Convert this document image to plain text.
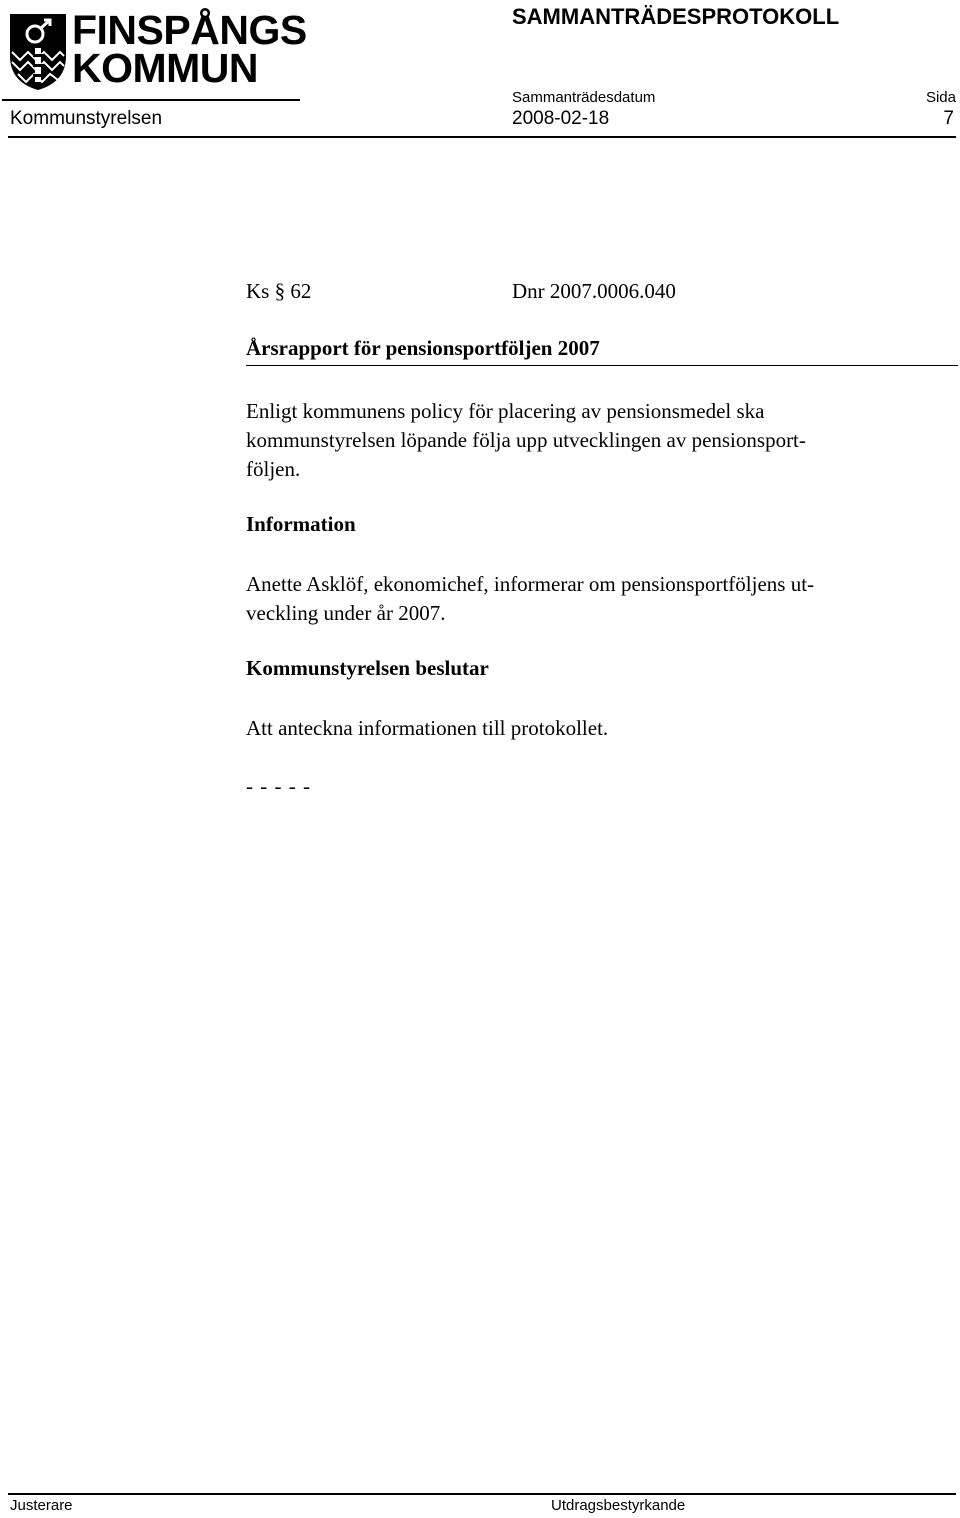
FINSPÅNGS
KOMMUN
SAMMANTRÄDESPROTOKOLL
Sammanträdesdatum	Sida
Kommunstyrelsen	2008-02-18	7
Ks § 62	Dnr 2007.0006.040
Årsrapport för pensionsportföljen 2007
Enligt kommunens policy för placering av pensionsmedel ska
kommunstyrelsen löpande följa upp utvecklingen av pensionsport-
följen.
Information
Anette Asklöf, ekonomichef, informerar om pensionsportföljens ut-
veckling under år 2007.
Kommunstyrelsen beslutar
Att anteckna informationen till protokollet.
- - - - -
Justerare	Utdragsbestyrkande
